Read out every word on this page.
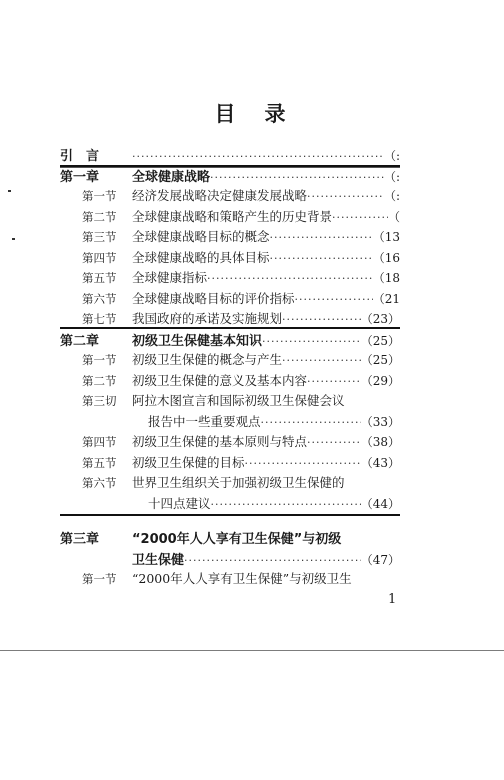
目　录
引　言 ·····	（:
第一章	全球健康战略 ·····	（:
第一节	经济发展战略决定健康发展战略 ·····	（:
第二节	全球健康战略和策略产生的历史背景 ·····	（
第三节	全球健康战略目标的概念 ·····	（13
第四节	全球健康战略的具体目标 ·····	（16
第五节	全球健康指标 ·····	（18
第六节	全球健康战略目标的评价指标 ·····	（21
第七节	我国政府的承诺及实施规划 ·····	（23）
第二章	初级卫生保健基本知识 ·····	（25）
第一节	初级卫生保健的概念与产生 ·····	（25）
第二节	初级卫生保健的意义及基本内容 ·····	（29）
第三切	阿拉木图宣言和国际初级卫生保健会议
报告中一些重要观点 ·····	（33）
第四节	初级卫生保健的基本原则与特点 ·····	（38）
第五节	初级卫生保健的目标 ·····	（43）
第六节	世界卫生组织关于加强初级卫生保健的
十四点建议 ·····	（44）
第三章	“2000年人人享有卫生保健”与初级
卫生保健 ·····	（47）
第一节	“2000年人人享有卫生保健”与初级卫生
1
